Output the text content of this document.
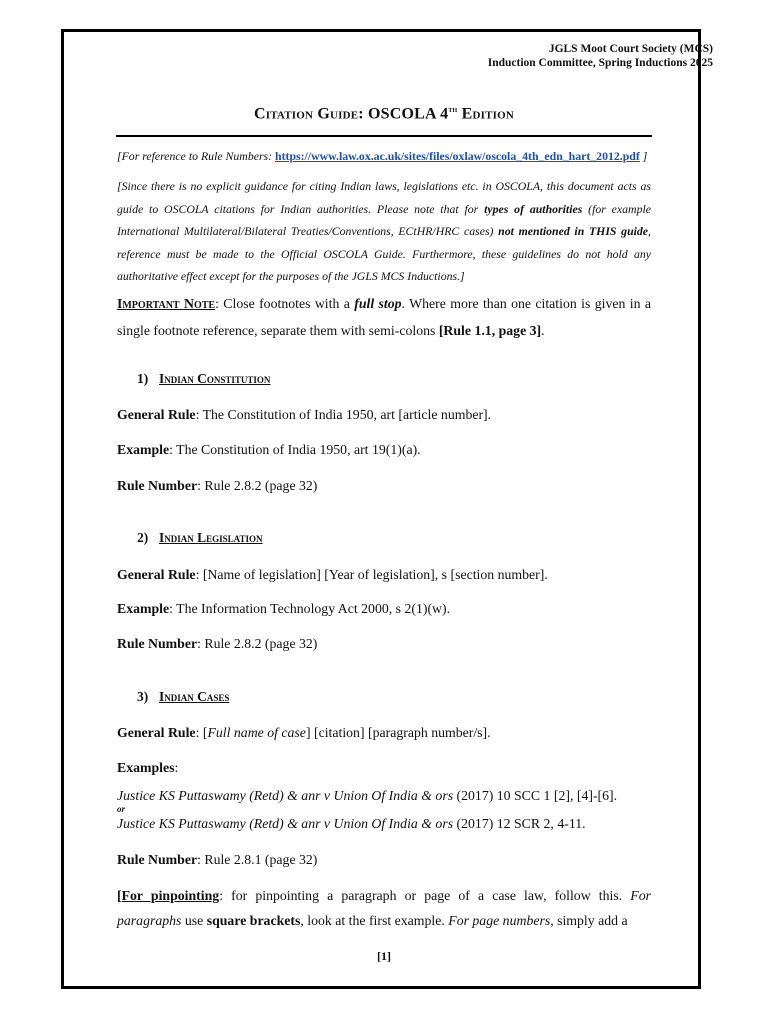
JGLS Moot Court Society (MCS)
Induction Committee, Spring Inductions 2025
Citation Guide: OSCOLA 4th Edition
[For reference to Rule Numbers: https://www.law.ox.ac.uk/sites/files/oxlaw/oscola_4th_edn_hart_2012.pdf ]
[Since there is no explicit guidance for citing Indian laws, legislations etc. in OSCOLA, this document acts as guide to OSCOLA citations for Indian authorities. Please note that for types of authorities (for example International Multilateral/Bilateral Treaties/Conventions, ECtHR/HRC cases) not mentioned in THIS guide, reference must be made to the Official OSCOLA Guide. Furthermore, these guidelines do not hold any authoritative effect except for the purposes of the JGLS MCS Inductions.]
Important Note: Close footnotes with a full stop. Where more than one citation is given in a single footnote reference, separate them with semi-colons [Rule 1.1, page 3].
1) Indian Constitution
General Rule: The Constitution of India 1950, art [article number].
Example: The Constitution of India 1950, art 19(1)(a).
Rule Number: Rule 2.8.2 (page 32)
2) Indian Legislation
General Rule: [Name of legislation] [Year of legislation], s [section number].
Example: The Information Technology Act 2000, s 2(1)(w).
Rule Number: Rule 2.8.2 (page 32)
3) Indian Cases
General Rule: [Full name of case] [citation] [paragraph number/s].
Examples:
Justice KS Puttaswamy (Retd) & anr v Union Of India & ors (2017) 10 SCC 1 [2], [4]-[6].
or
Justice KS Puttaswamy (Retd) & anr v Union Of India & ors (2017) 12 SCR 2, 4-11.
Rule Number: Rule 2.8.1 (page 32)
[For pinpointing: for pinpointing a paragraph or page of a case law, follow this. For paragraphs use square brackets, look at the first example. For page numbers, simply add a
[1]
